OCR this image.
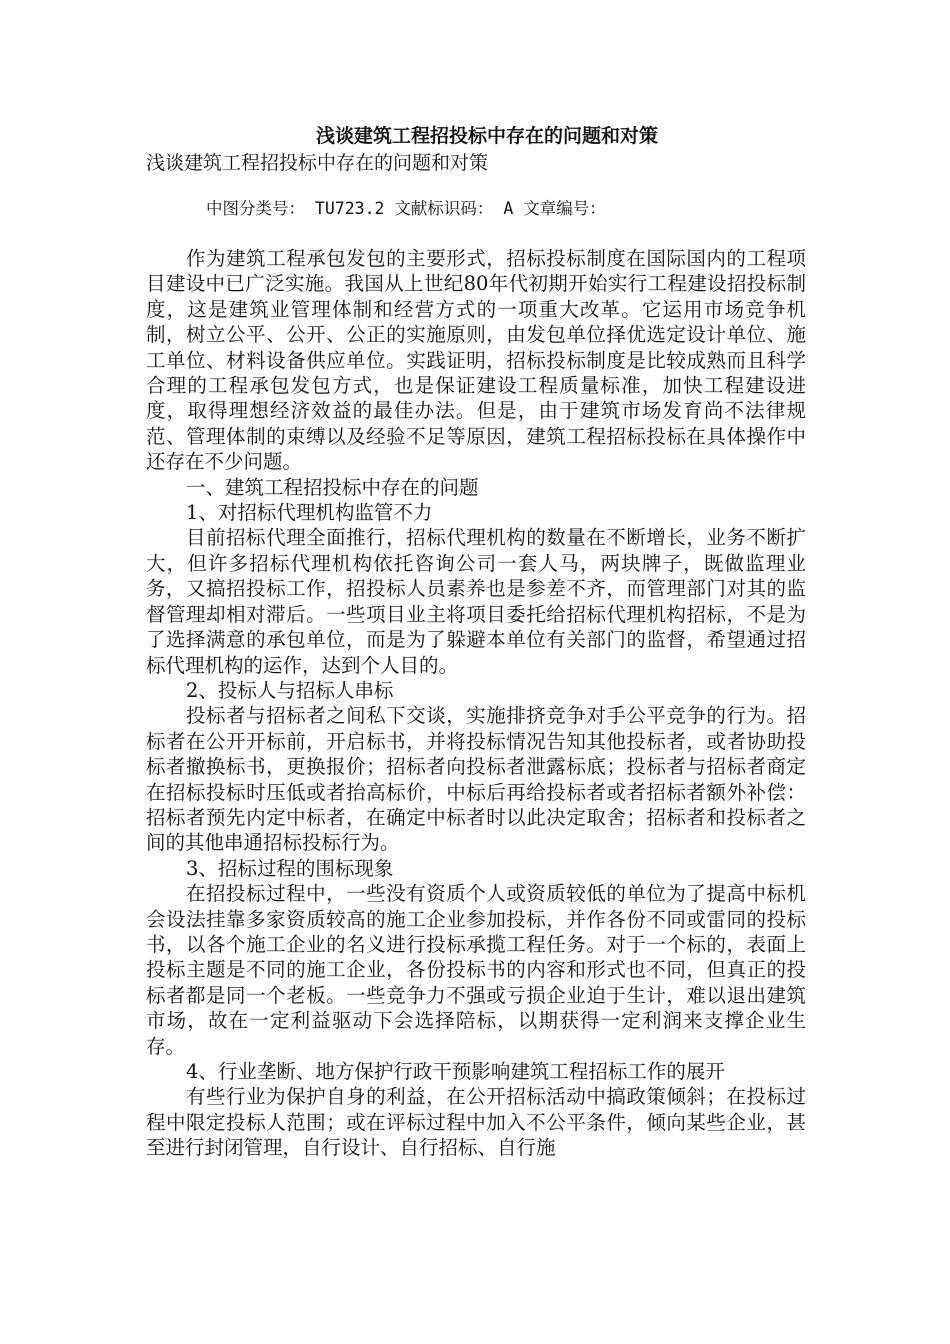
浅谈建筑工程招投标中存在的问题和对策

浅谈建筑工程招投标中存在的问题和对策

中图分类号： TU723.2 文献标识码： A 文章编号：

作为建筑工程承包发包的主要形式，招标投标制度在国际国内的工程项目建设中已广泛实施。我国从上世纪80年代初期开始实行工程建设招投标制度，这是建筑业管理体制和经营方式的一项重大改革。它运用市场竞争机制，树立公平、公开、公正的实施原则，由发包单位择优选定设计单位、施工单位、材料设备供应单位。实践证明，招标投标制度是比较成熟而且科学合理的工程承包发包方式，也是保证建设工程质量标准，加快工程建设进度，取得理想经济效益的最佳办法。但是，由于建筑市场发育尚不法律规范、管理体制的束缚以及经验不足等原因，建筑工程招标投标在具体操作中还存在不少问题。

一、建筑工程招投标中存在的问题

1、对招标代理机构监管不力

目前招标代理全面推行，招标代理机构的数量在不断增长，业务不断扩大，但许多招标代理机构依托咨询公司一套人马，两块牌子，既做监理业务，又搞招投标工作，招投标人员素养也是参差不齐，而管理部门对其的监督管理却相对滞后。一些项目业主将项目委托给招标代理机构招标，不是为了选择满意的承包单位，而是为了躲避本单位有关部门的监督，希望通过招标代理机构的运作，达到个人目的。

2、投标人与招标人串标

投标者与招标者之间私下交谈，实施排挤竞争对手公平竞争的行为。招标者在公开开标前，开启标书，并将投标情况告知其他投标者，或者协助投标者撤换标书，更换报价；招标者向投标者泄露标底；投标者与招标者商定在招标投标时压低或者抬高标价，中标后再给投标者或者招标者额外补偿：招标者预先内定中标者，在确定中标者时以此决定取舍；招标者和投标者之间的其他串通招标投标行为。

3、招标过程的围标现象

在招投标过程中，一些没有资质个人或资质较低的单位为了提高中标机会设法挂靠多家资质较高的施工企业参加投标，并作各份不同或雷同的投标书，以各个施工企业的名义进行投标承揽工程任务。对于一个标的，表面上投标主题是不同的施工企业，各份投标书的内容和形式也不同，但真正的投标者都是同一个老板。一些竞争力不强或亏损企业迫于生计，难以退出建筑市场，故在一定利益驱动下会选择陪标，以期获得一定利润来支撑企业生存。

4、行业垄断、地方保护行政干预影响建筑工程招标工作的展开

有些行业为保护自身的利益，在公开招标活动中搞政策倾斜；在投标过程中限定投标人范围；或在评标过程中加入不公平条件，倾向某些企业，甚至进行封闭管理，自行设计、自行招标、自行施
